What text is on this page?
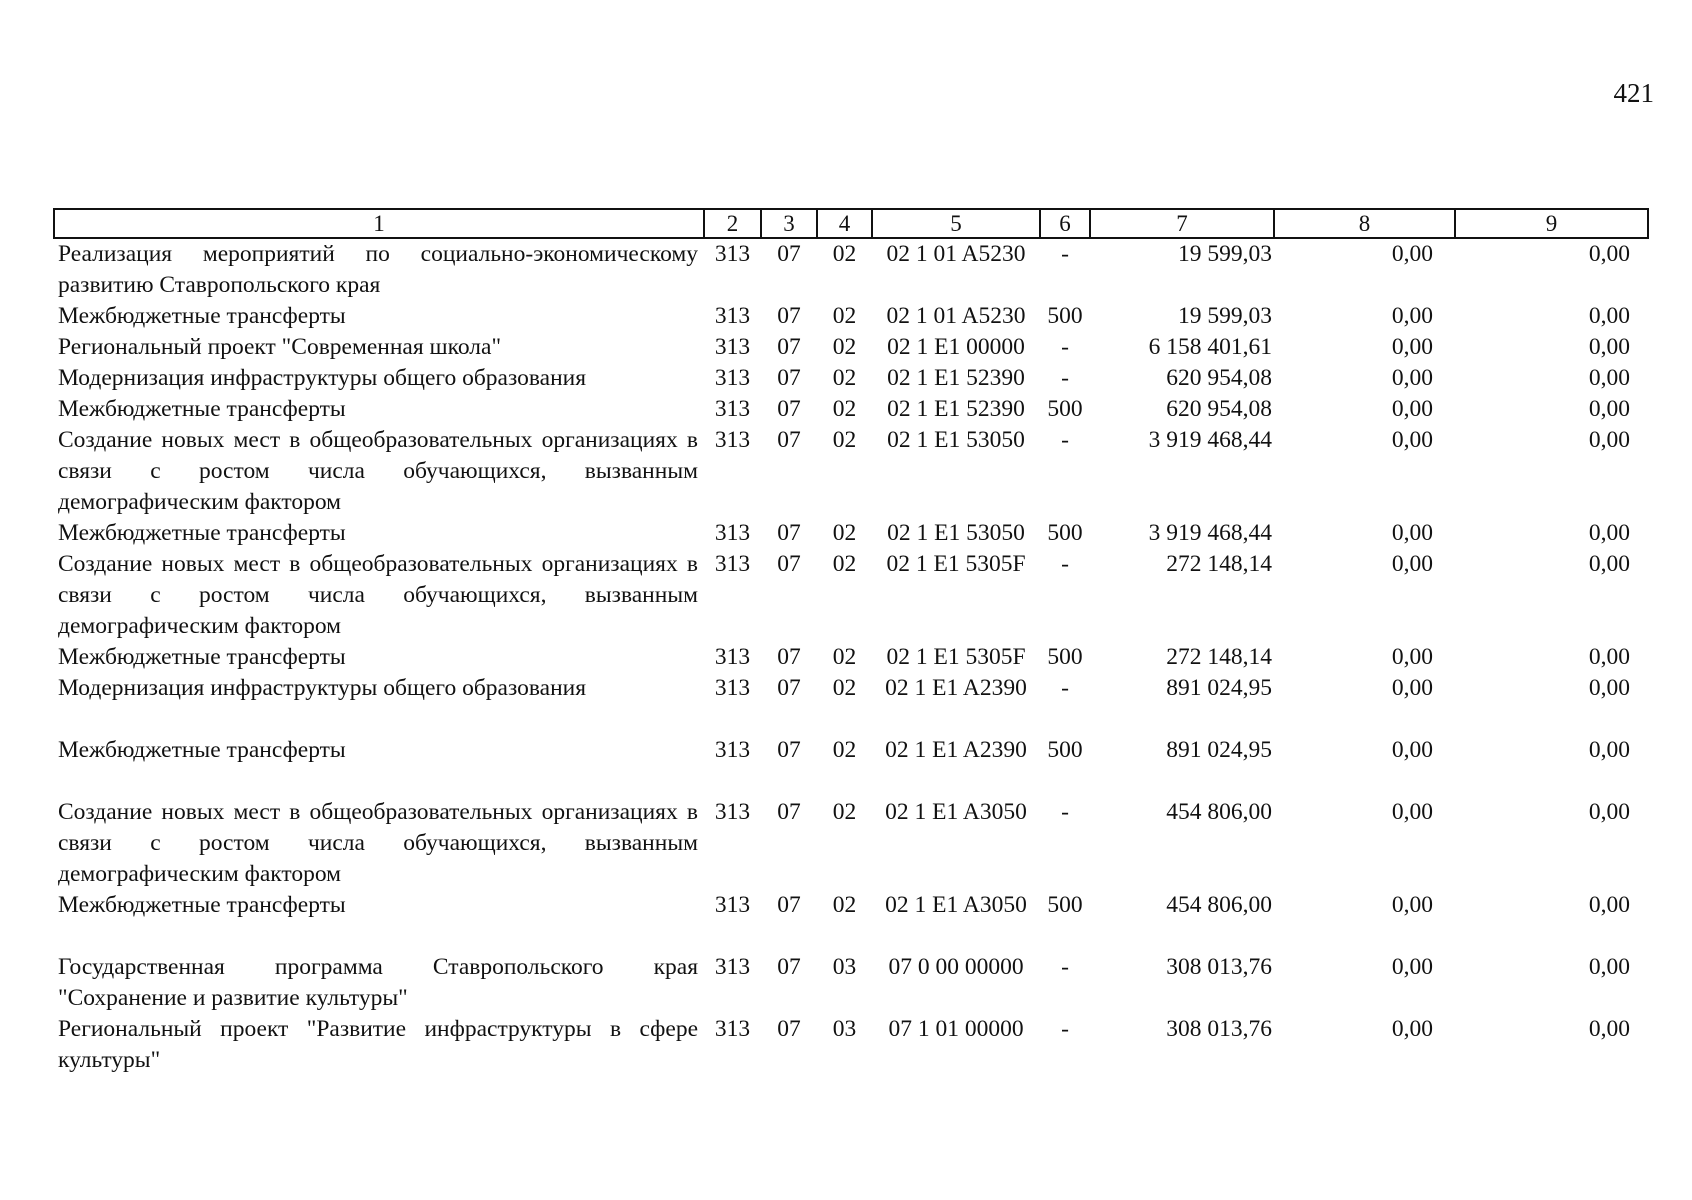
421
1	2	3	4	5	6	7	8	9
Реализация мероприятий по социально-экономическому развитию Ставропольского края	313	07	02	02 1 01 A5230	-	19 599,03	0,00	0,00
Межбюджетные трансферты	313	07	02	02 1 01 A5230	500	19 599,03	0,00	0,00
Региональный проект "Современная школа"	313	07	02	02 1 E1 00000	-	6 158 401,61	0,00	0,00
Модернизация инфраструктуры общего образования	313	07	02	02 1 E1 52390	-	620 954,08	0,00	0,00
Межбюджетные трансферты	313	07	02	02 1 E1 52390	500	620 954,08	0,00	0,00
Создание новых мест в общеобразовательных организациях в связи с ростом числа обучающихся, вызванным демографическим фактором	313	07	02	02 1 E1 53050	-	3 919 468,44	0,00	0,00
Межбюджетные трансферты	313	07	02	02 1 E1 53050	500	3 919 468,44	0,00	0,00
Создание новых мест в общеобразовательных организациях в связи с ростом числа обучающихся, вызванным демографическим фактором	313	07	02	02 1 E1 5305F	-	272 148,14	0,00	0,00
Межбюджетные трансферты	313	07	02	02 1 E1 5305F	500	272 148,14	0,00	0,00
Модернизация инфраструктуры общего образования	313	07	02	02 1 E1 A2390	-	891 024,95	0,00	0,00
Межбюджетные трансферты	313	07	02	02 1 E1 A2390	500	891 024,95	0,00	0,00
Создание новых мест в общеобразовательных организациях в связи с ростом числа обучающихся, вызванным демографическим фактором	313	07	02	02 1 E1 A3050	-	454 806,00	0,00	0,00
Межбюджетные трансферты	313	07	02	02 1 E1 A3050	500	454 806,00	0,00	0,00
Государственная программа Ставропольского края "Сохранение и развитие культуры"	313	07	03	07 0 00 00000	-	308 013,76	0,00	0,00
Региональный проект "Развитие инфраструктуры в сфере культуры"	313	07	03	07 1 01 00000	-	308 013,76	0,00	0,00
